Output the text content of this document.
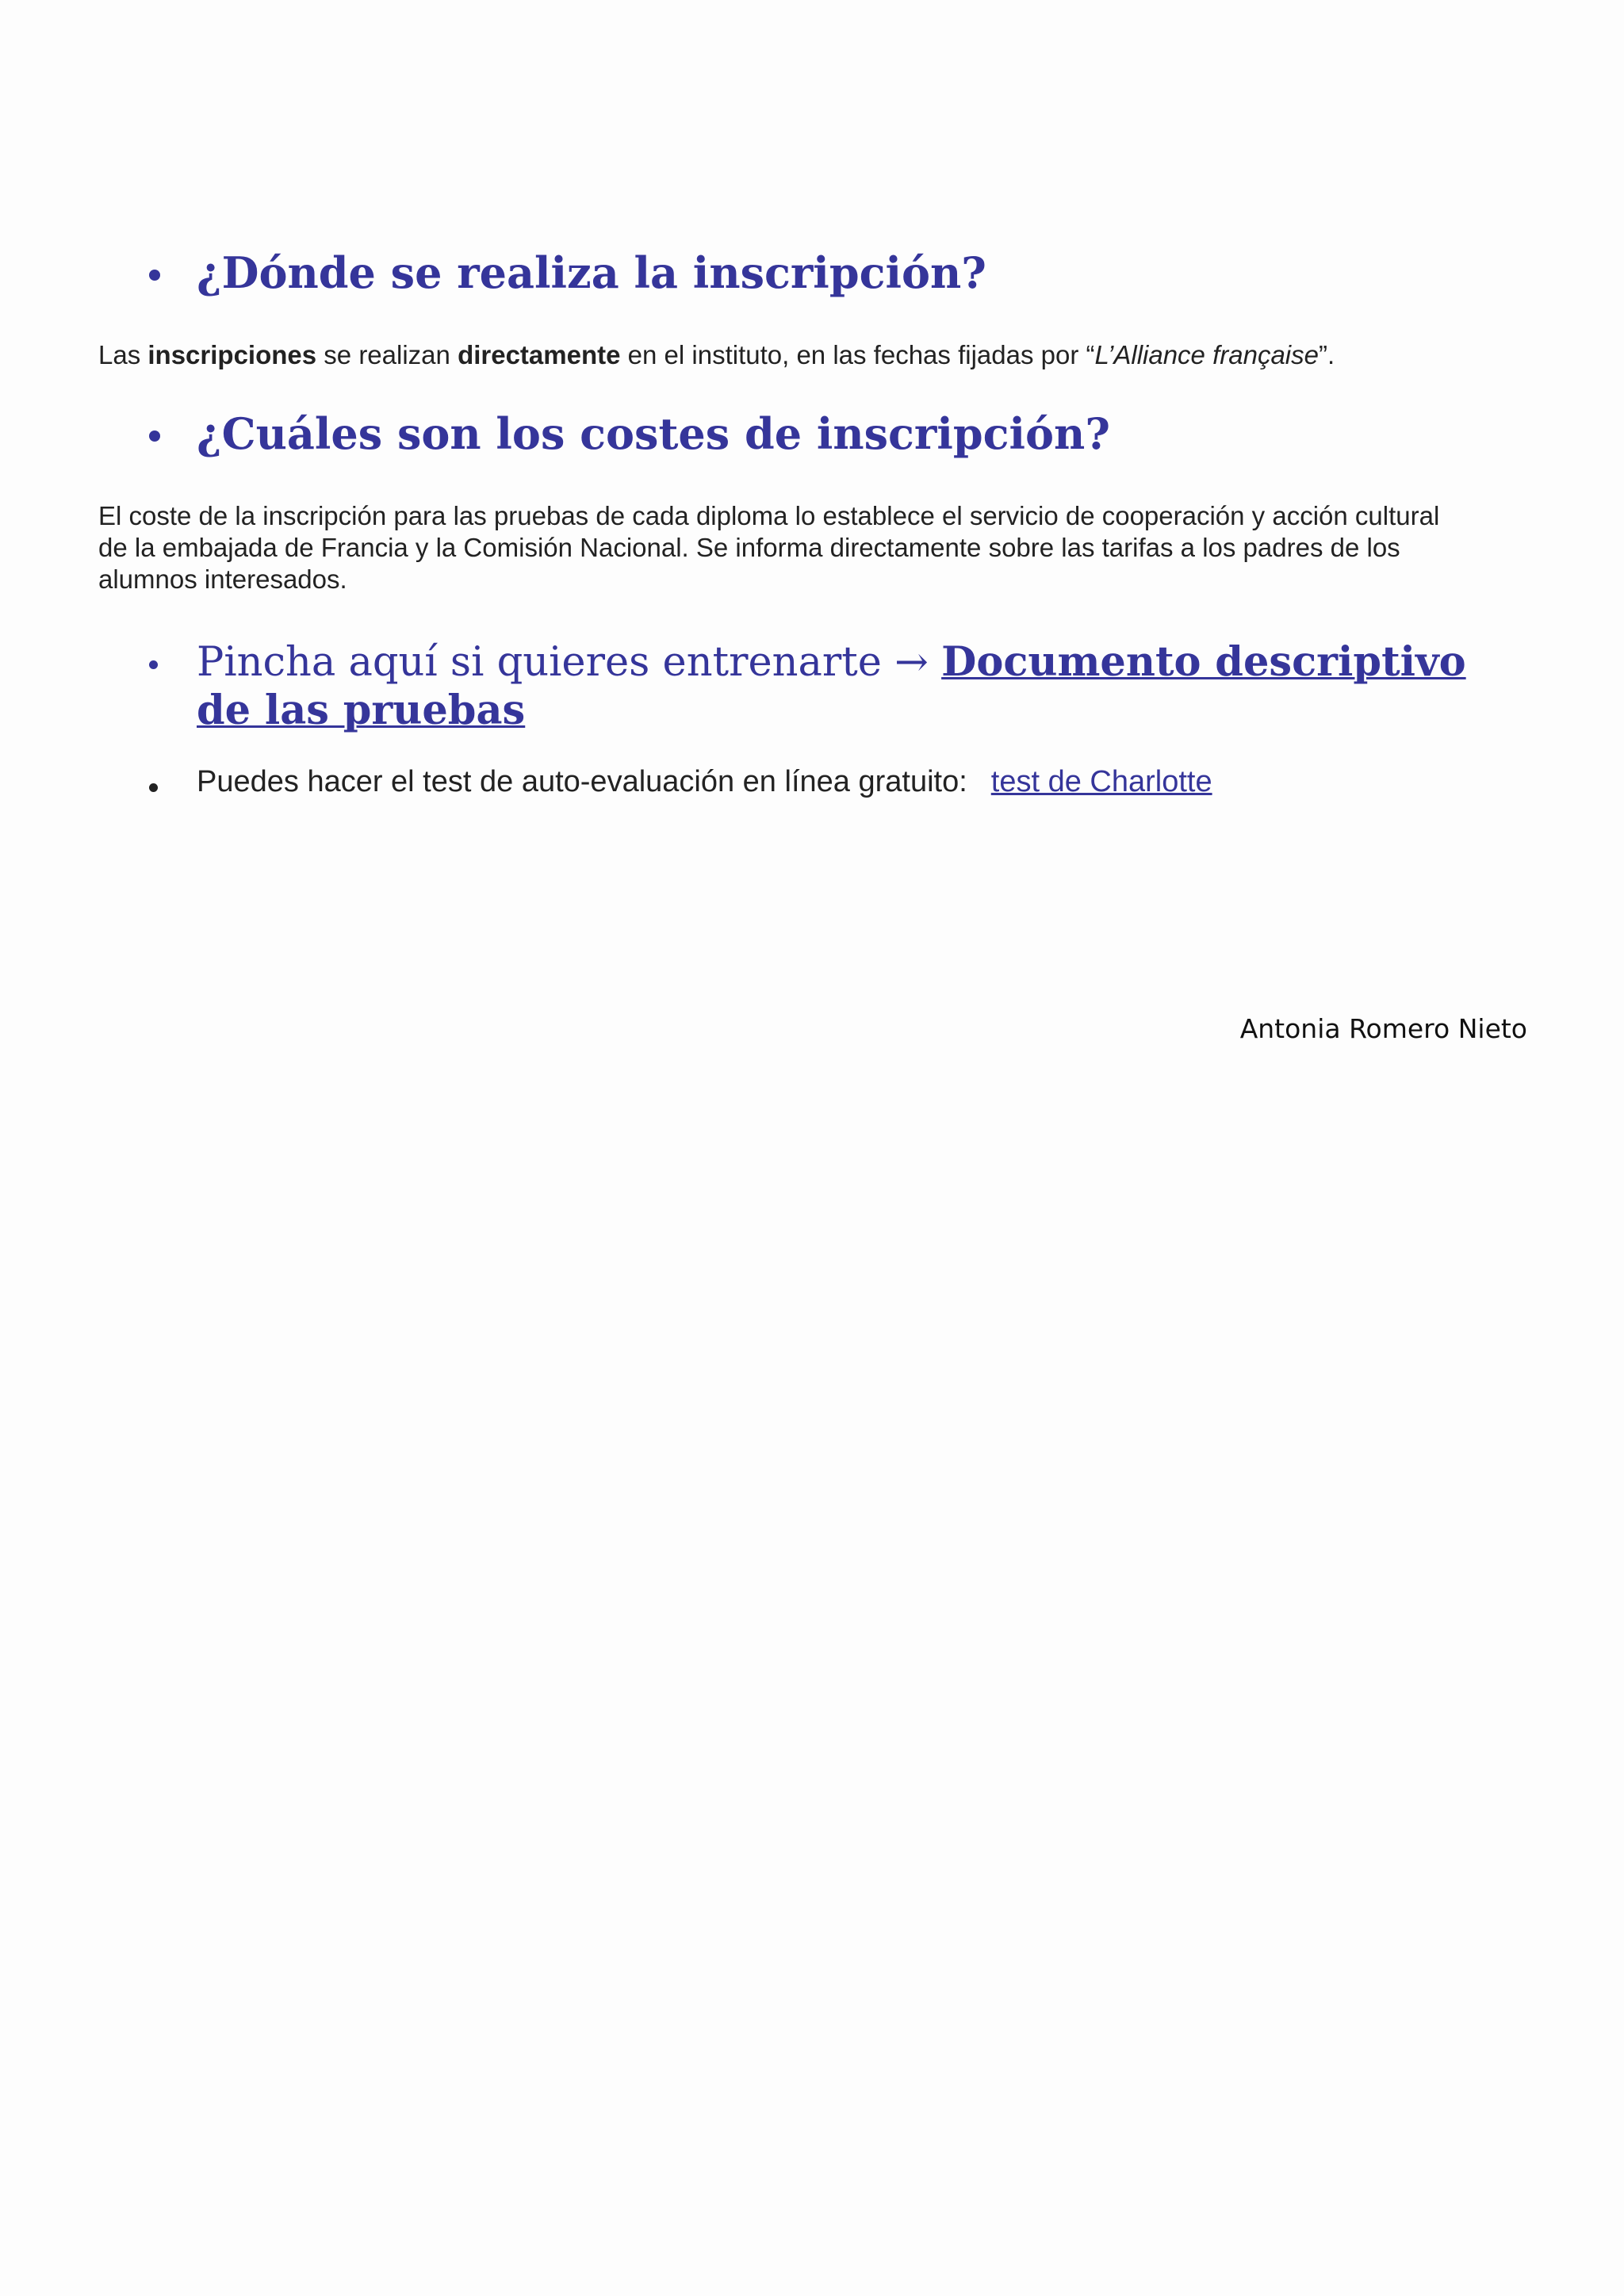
¿Dónde se realiza la inscripción?
Las inscripciones se realizan directamente en el instituto, en las fechas fijadas por “L’Alliance française”.
¿Cuáles son los costes de inscripción?
El coste de la inscripción para las pruebas de cada diploma lo establece el servicio de cooperación y acción cultural
de la embajada de Francia y la Comisión Nacional. Se informa directamente sobre las tarifas a los padres de los
alumnos interesados.
Pincha aquí si quieres entrenarte → Documento descriptivo de las pruebas
Puedes hacer el test de auto-evaluación en línea gratuito: test de Charlotte
Antonia Romero Nieto
